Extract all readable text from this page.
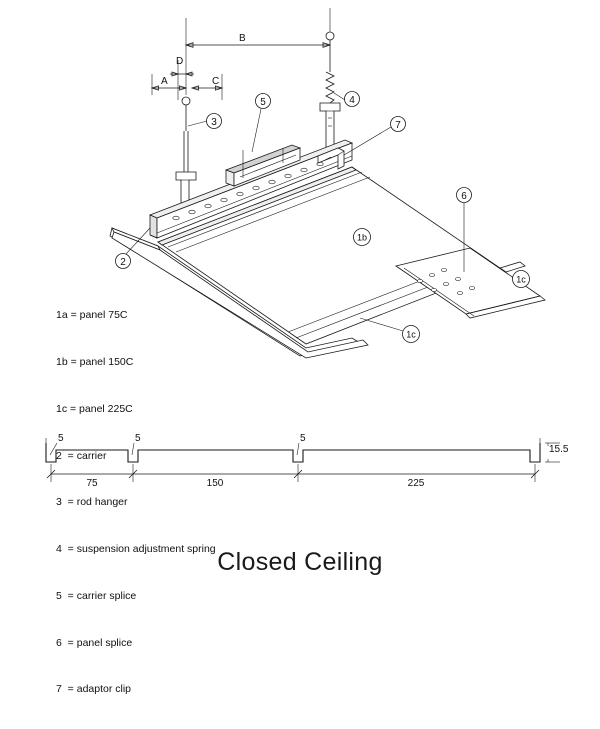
B
D
A	C
3
5	4
7
6
2
1b
1c
1c
5	5	5
15.5
75	150	225

1a = panel 75C

1b = panel 150C

1c = panel 225C

2  = carrier

3  = rod hanger

4  = suspension adjustment spring

5  = carrier splice

6  = panel splice

7  = adaptor clip

Closed Ceiling
